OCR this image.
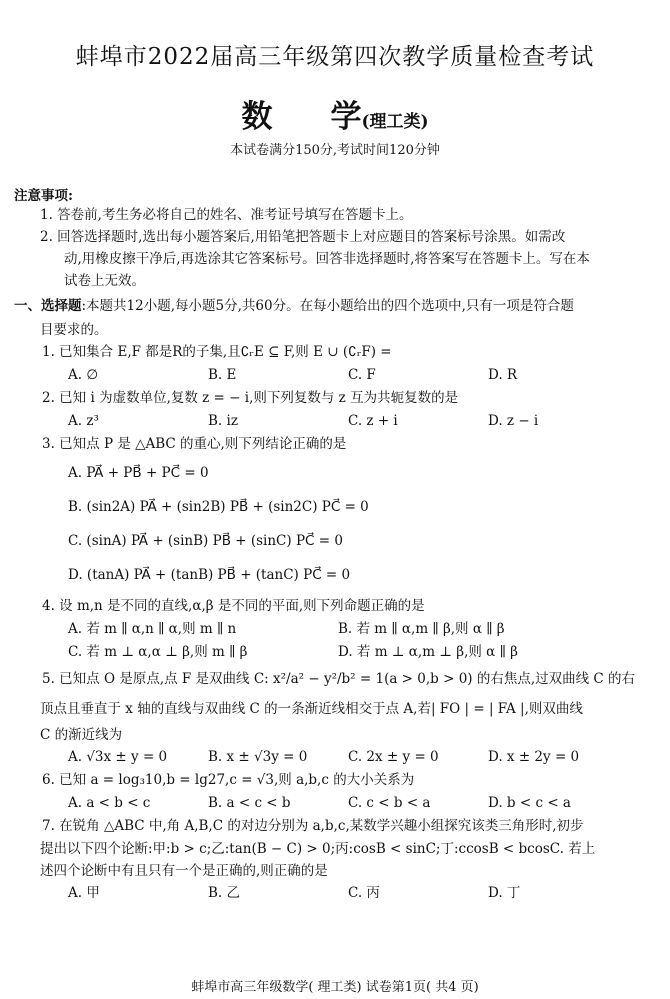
蚌埠市2022届高三年级第四次教学质量检查考试
数 学(理工类)
本试卷满分150分,考试时间120分钟
注意事项:
1. 答卷前,考生务必将自己的姓名、准考证号填写在答题卡上。
2. 回答选择题时,选出每小题答案后,用铅笔把答题卡上对应题目的答案标号涂黑。如需改
动,用橡皮擦干净后,再选涂其它答案标号。回答非选择题时,将答案写在答题卡上。写在本
试卷上无效。
一、选择题:本题共12小题,每小题5分,共60分。在每小题给出的四个选项中,只有一项是符合题
目要求的。
1. 已知集合 E,F 都是R的子集,且∁ᵣE ⊆ F,则 E ∪ (∁ᵣF) =
A. ∅	B. E	C. F	D. R
2. 已知 i 为虚数单位,复数 z = − i,则下列复数与 z 互为共轭复数的是
A. z³	B. iz	C. z + i	D. z − i
3. 已知点 P 是 △ABC 的重心,则下列结论正确的是
A. PA⃗ + PB⃗ + PC⃗ = 0
B. (sin2A) PA⃗ + (sin2B) PB⃗ + (sin2C) PC⃗ = 0
C. (sinA) PA⃗ + (sinB) PB⃗ + (sinC) PC⃗ = 0
D. (tanA) PA⃗ + (tanB) PB⃗ + (tanC) PC⃗ = 0
4. 设 m,n 是不同的直线,α,β 是不同的平面,则下列命题正确的是
A. 若 m ∥ α,n ∥ α,则 m ∥ n	B. 若 m ∥ α,m ∥ β,则 α ∥ β
C. 若 m ⊥ α,α ⊥ β,则 m ∥ β	D. 若 m ⊥ α,m ⊥ β,则 α ∥ β
5. 已知点 O 是原点,点 F 是双曲线 C: x²/a² − y²/b² = 1(a > 0,b > 0) 的右焦点,过双曲线 C 的右
顶点且垂直于 x 轴的直线与双曲线 C 的一条渐近线相交于点 A,若| FO | = | FA |,则双曲线
C 的渐近线为
A. √3x ± y = 0	B. x ± √3y = 0	C. 2x ± y = 0	D. x ± 2y = 0
6. 已知 a = log₃10,b = lg27,c = √3,则 a,b,c 的大小关系为
A. a < b < c	B. a < c < b	C. c < b < a	D. b < c < a
7. 在锐角 △ABC 中,角 A,B,C 的对边分别为 a,b,c,某数学兴趣小组探究该类三角形时,初步
提出以下四个论断:甲:b > c;乙:tan(B − C) > 0;丙:cosB < sinC;丁:ccosB < bcosC. 若上
述四个论断中有且只有一个是正确的,则正确的是
A. 甲	B. 乙	C. 丙	D. 丁
蚌埠市高三年级数学( 理工类) 试卷第1页( 共4 页)
